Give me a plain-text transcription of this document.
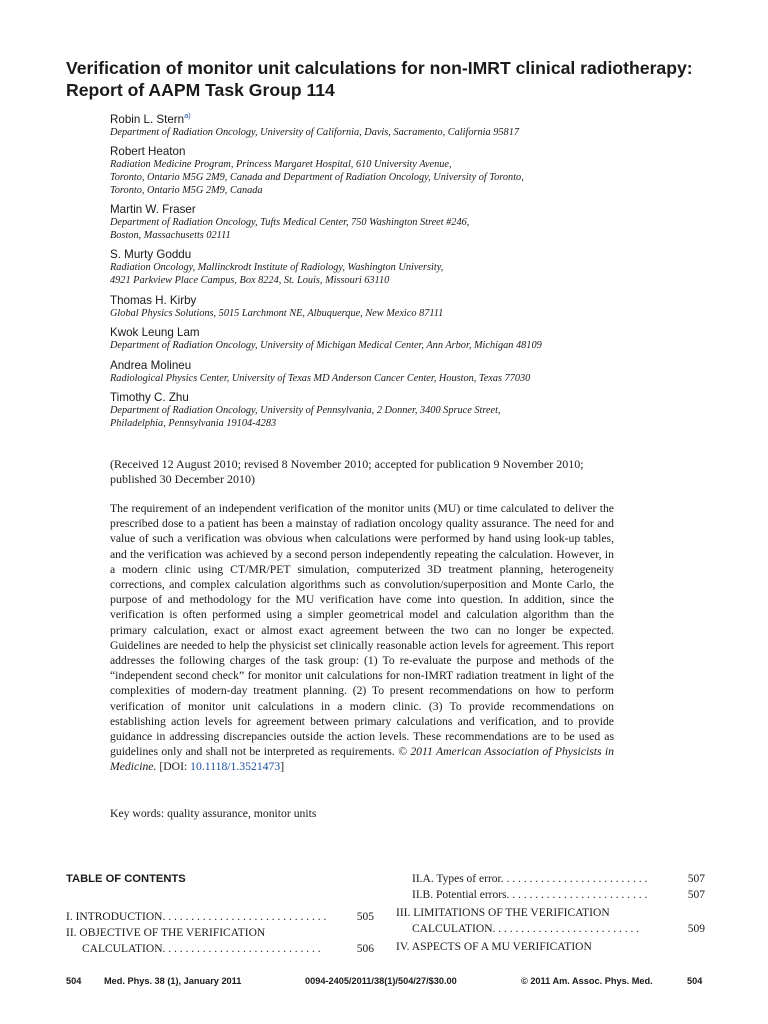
Verification of monitor unit calculations for non-IMRT clinical radiotherapy:
Report of AAPM Task Group 114
Robin L. Stern$^{a)}$
Department of Radiation Oncology, University of California, Davis, Sacramento, California 95817
Robert Heaton
Radiation Medicine Program, Princess Margaret Hospital, 610 University Avenue,
Toronto, Ontario M5G 2M9, Canada and Department of Radiation Oncology, University of Toronto,
Toronto, Ontario M5G 2M9, Canada
Martin W. Fraser
Department of Radiation Oncology, Tufts Medical Center, 750 Washington Street #246,
Boston, Massachusetts 02111
S. Murty Goddu
Radiation Oncology, Mallinckrodt Institute of Radiology, Washington University,
4921 Parkview Place Campus, Box 8224, St. Louis, Missouri 63110
Thomas H. Kirby
Global Physics Solutions, 5015 Larchmont NE, Albuquerque, New Mexico 87111
Kwok Leung Lam
Department of Radiation Oncology, University of Michigan Medical Center, Ann Arbor, Michigan 48109
Andrea Molineu
Radiological Physics Center, University of Texas MD Anderson Cancer Center, Houston, Texas 77030
Timothy C. Zhu
Department of Radiation Oncology, University of Pennsylvania, 2 Donner, 3400 Spruce Street,
Philadelphia, Pennsylvania 19104-4283
(Received 12 August 2010; revised 8 November 2010; accepted for publication 9 November 2010;
published 30 December 2010)
The requirement of an independent verification of the monitor units (MU) or time calculated to deliver the prescribed dose to a patient has been a mainstay of radiation oncology quality assurance. The need for and value of such a verification was obvious when calculations were performed by hand using look-up tables, and the verification was achieved by a second person independently repeating the calculation. However, in a modern clinic using CT/MR/PET simulation, computerized 3D treatment planning, heterogeneity corrections, and complex calculation algorithms such as convolution/superposition and Monte Carlo, the purpose of and methodology for the MU verification have come into question. In addition, since the verification is often performed using a simpler geometrical model and calculation algorithm than the primary calculation, exact or almost exact agreement between the two can no longer be expected. Guidelines are needed to help the physicist set clinically reasonable action levels for agreement. This report addresses the following charges of the task group: (1) To re-evaluate the purpose and methods of the “independent second check” for monitor unit calculations for non-IMRT radiation treatment in light of the complexities of modern-day treatment planning. (2) To present recommendations on how to perform verification of monitor unit calculations in a modern clinic. (3) To provide recommendations on establishing action levels for agreement between primary calculations and verification, and to provide guidance in addressing discrepancies outside the action levels. These recommendations are to be used as guidelines only and shall not be interpreted as requirements. © 2011 American Association of Physicists in Medicine. [DOI: 10.1118/1.3521473]
Key words: quality assurance, monitor units
TABLE OF CONTENTS
I. INTRODUCTION. . . . . . . . . . . . . . . . . . . . . . . . . . . . .	505
II. OBJECTIVE OF THE VERIFICATION
CALCULATION. . . . . . . . . . . . . . . . . . . . . . . . . . . .	506
II.A. Types of error. . . . . . . . . . . . . . . . . . . . . . . . . .	507
II.B. Potential errors. . . . . . . . . . . . . . . . . . . . . . . . .	507
III. LIMITATIONS OF THE VERIFICATION
CALCULATION. . . . . . . . . . . . . . . . . . . . . . . . . .	509
IV. ASPECTS OF A MU VERIFICATION
504 Med. Phys. 38 (1), January 2011	0094-2405/2011/38(1)/504/27/$30.00	© 2011 Am. Assoc. Phys. Med.	504
